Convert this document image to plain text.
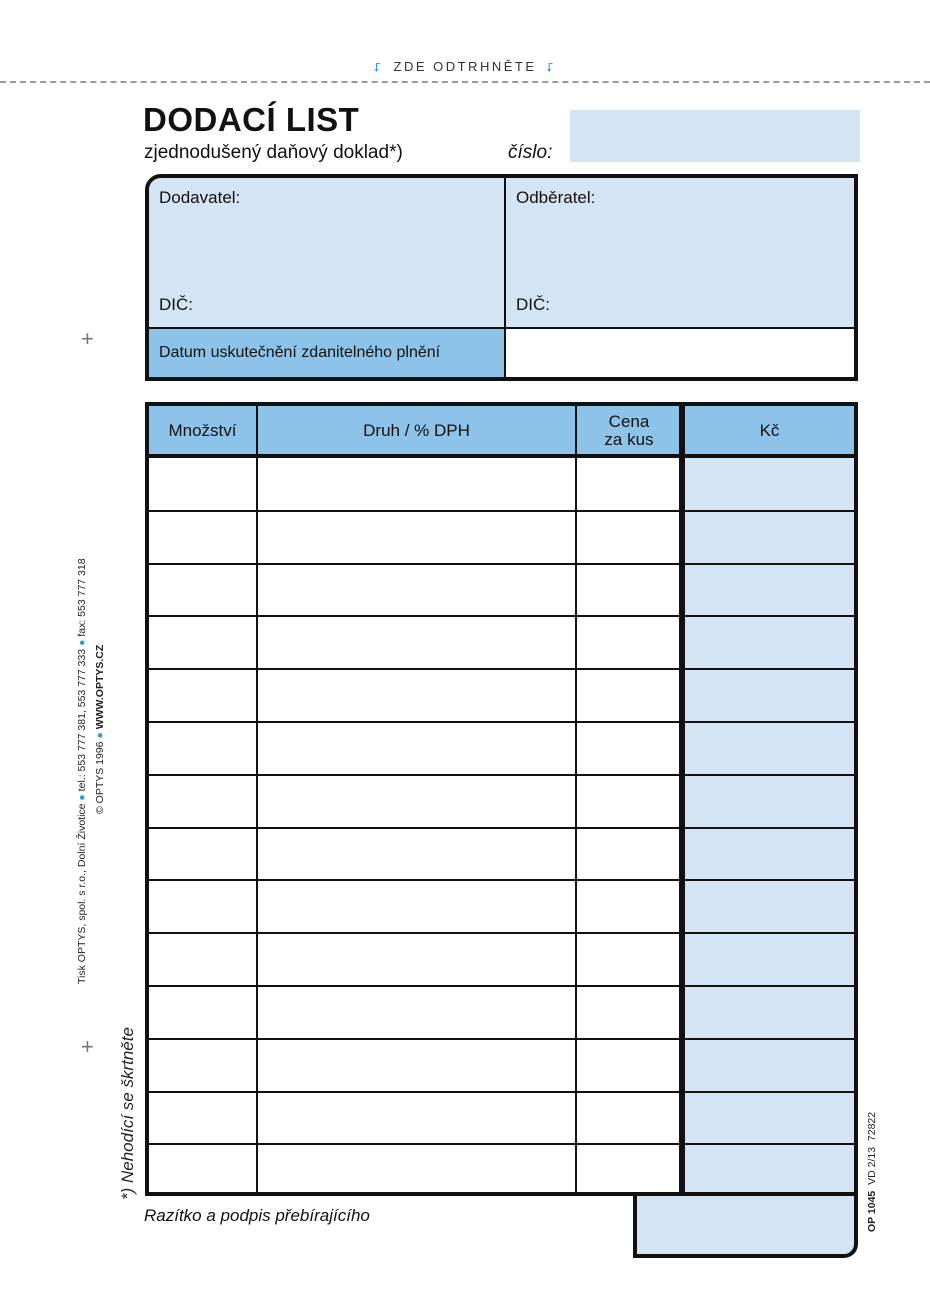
⮦ ZDE ODTRHNĚTE ⮦
DODACÍ LIST
zjednodušený daňový doklad*)	číslo:
Dodavatel:
DIČ:
Odběratel:
DIČ:
Datum uskutečnění zdanitelného plnění
Množství	Druh / % DPH	Cena
za kus	Kč
Razítko a podpis přebírajícího
Tisk OPTYS, spol. s r.o., Dolní Životice ● tel.: 553 777 381, 553 777 333 ● fax: 553 777 318
© OPTYS 1996 ● WWW.OPTYS.CZ
*) Nehodící se škrtněte
OP 1045  VD 2/13  72822
+
+
